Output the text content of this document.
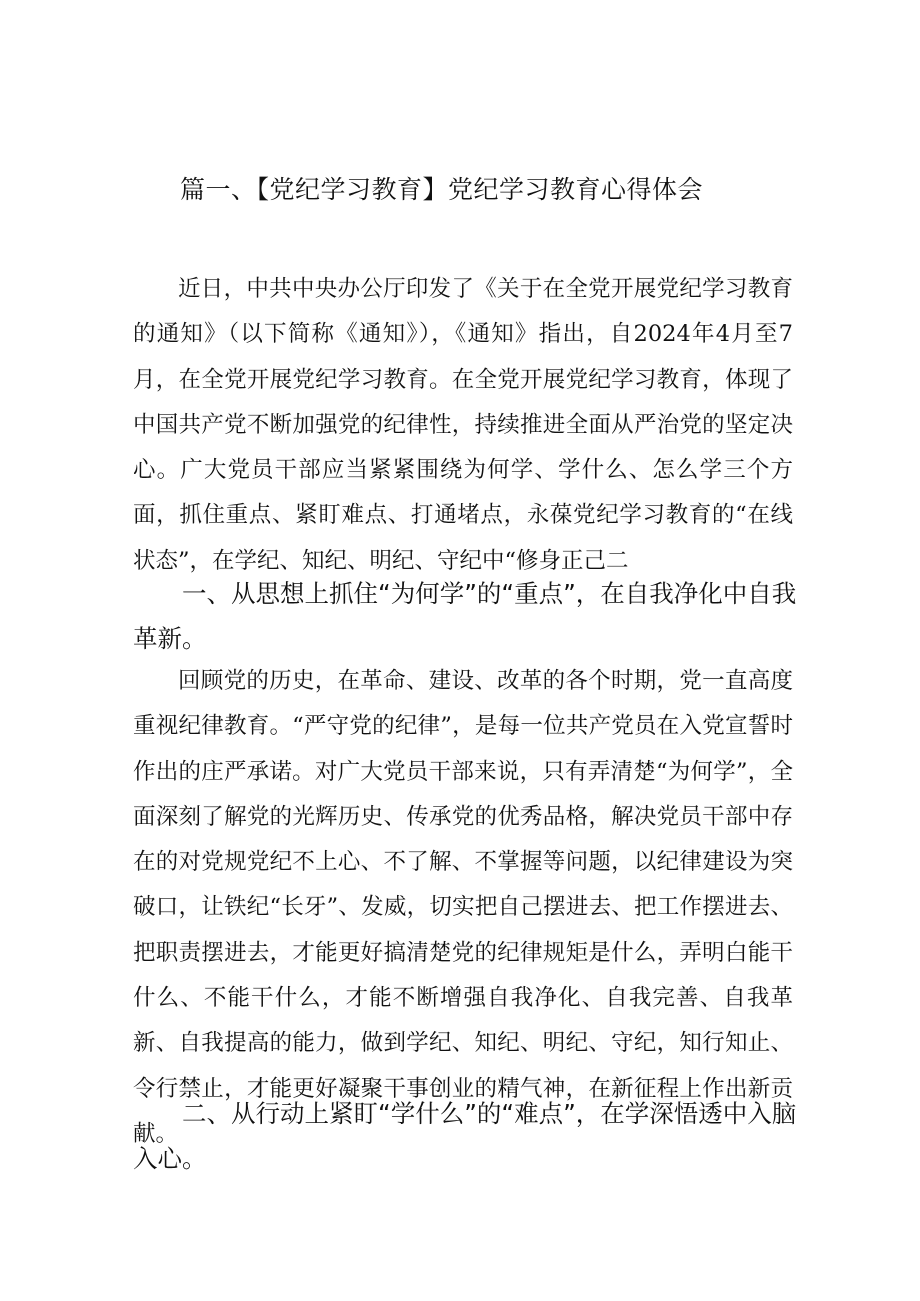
篇一、【党纪学习教育】党纪学习教育心得体会

近日，中共中央办公厅印发了《关于在全党开展党纪学习教育的通知》（以下简称《通知》），《通知》指出，自2024年4月至7月，在全党开展党纪学习教育。在全党开展党纪学习教育，体现了中国共产党不断加强党的纪律性，持续推进全面从严治党的坚定决心。广大党员干部应当紧紧围绕为何学、学什么、怎么学三个方面，抓住重点、紧盯难点、打通堵点，永葆党纪学习教育的“在线状态”，在学纪、知纪、明纪、守纪中“修身正己二

一、从思想上抓住“为何学”的“重点”，在自我净化中自我革新。

回顾党的历史，在革命、建设、改革的各个时期，党一直高度重视纪律教育。“严守党的纪律”，是每一位共产党员在入党宣誓时作出的庄严承诺。对广大党员干部来说，只有弄清楚“为何学”，全面深刻了解党的光辉历史、传承党的优秀品格，解决党员干部中存在的对党规党纪不上心、不了解、不掌握等问题，以纪律建设为突破口，让铁纪“长牙”、发威，切实把自己摆进去、把工作摆进去、把职责摆进去，才能更好搞清楚党的纪律规矩是什么，弄明白能干什么、不能干什么，才能不断增强自我净化、自我完善、自我革新、自我提高的能力，做到学纪、知纪、明纪、守纪，知行知止、令行禁止，才能更好凝聚干事创业的精气神，在新征程上作出新贡献。

二、从行动上紧盯“学什么”的“难点”，在学深悟透中入脑入心。
